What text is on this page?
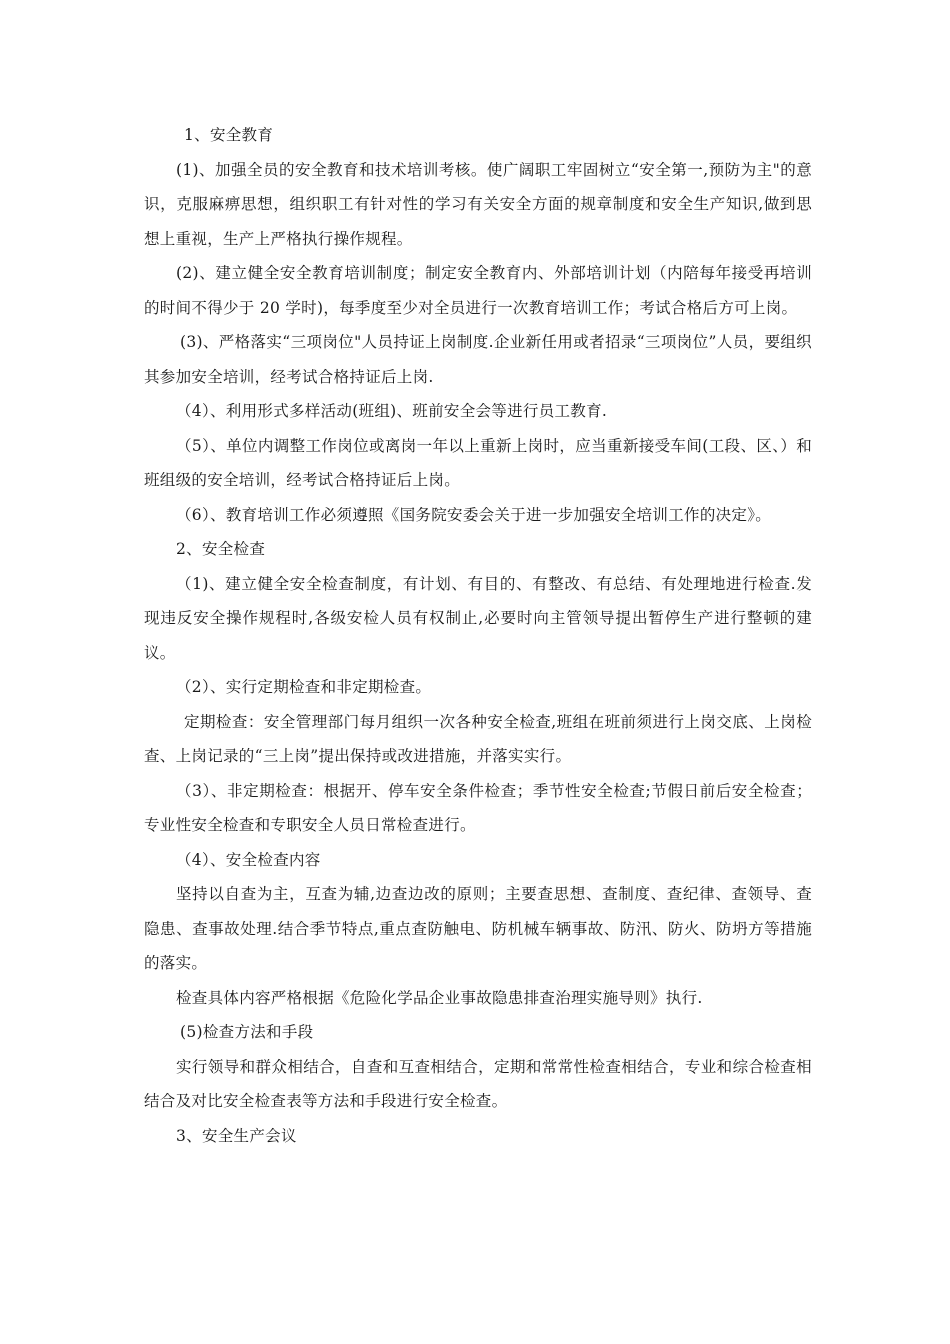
1、安全教育

(1)、加强全员的安全教育和技术培训考核。使广阔职工牢固树立“安全第一,预防为主"的意识，克服麻痹思想，组织职工有针对性的学习有关安全方面的规章制度和安全生产知识,做到思想上重视，生产上严格执行操作规程。

(2)、建立健全安全教育培训制度；制定安全教育内、外部培训计划（内陪每年接受再培训的时间不得少于 20 学时)，每季度至少对全员进行一次教育培训工作；考试合格后方可上岗。

(3)、严格落实“三项岗位"人员持证上岗制度.企业新任用或者招录“三项岗位”人员，要组织其参加安全培训，经考试合格持证后上岗.

（4）、利用形式多样活动(班组)、班前安全会等进行员工教育.

（5）、单位内调整工作岗位或离岗一年以上重新上岗时，应当重新接受车间(工段、区、）和班组级的安全培训，经考试合格持证后上岗。

（6）、教育培训工作必须遵照《国务院安委会关于进一步加强安全培训工作的决定》。

2、安全检查

（1)、建立健全安全检查制度，有计划、有目的、有整改、有总结、有处理地进行检查.发现违反安全操作规程时,各级安检人员有权制止,必要时向主管领导提出暂停生产进行整顿的建议。

（2）、实行定期检查和非定期检查。

定期检查：安全管理部门每月组织一次各种安全检查,班组在班前须进行上岗交底、上岗检查、上岗记录的“三上岗”提出保持或改进措施，并落实实行。

（3）、非定期检查：根据开、停车安全条件检查；季节性安全检查;节假日前后安全检查；专业性安全检查和专职安全人员日常检查进行。

（4）、安全检查内容

坚持以自查为主，互查为辅,边查边改的原则；主要查思想、查制度、查纪律、查领导、查隐患、查事故处理.结合季节特点,重点查防触电、防机械车辆事故、防汛、防火、防坍方等措施的落实。

检查具体内容严格根据《危险化学品企业事故隐患排查治理实施导则》执行.

(5)检查方法和手段

实行领导和群众相结合，自查和互查相结合，定期和常常性检查相结合，专业和综合检查相结合及对比安全检查表等方法和手段进行安全检查。

3、安全生产会议
